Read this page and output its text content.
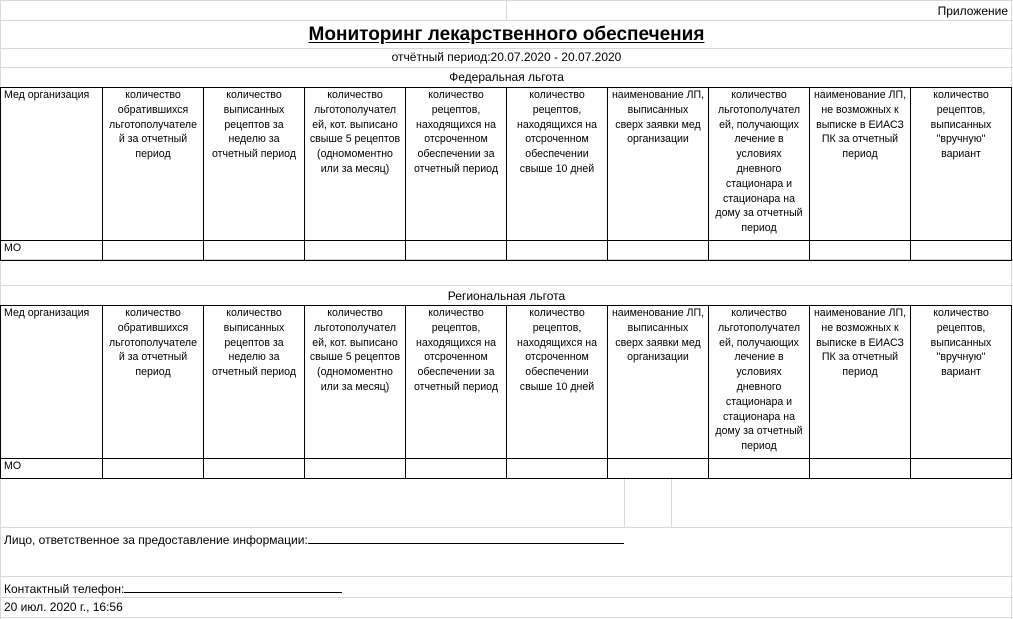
Приложение
Мониторинг лекарственного обеспечения
отчётный период:20.07.2020 - 20.07.2020
Федеральная льгота
Мед организация	количество
обратившихся
льготополучателе
й за отчетный
период
количество
выписанных
рецептов за
неделю за
отчетный период
количество
льготополучател
ей, кот. выписано
свыше 5 рецептов
(одномоментно
или за месяц)
количество
рецептов,
находящихся на
отсроченном
обеспечении за
отчетный период
количество
рецептов,
находящихся на
отсроченном
обеспечении
свыше 10 дней
наименование ЛП,
выписанных
сверх заявки мед
организации
количество
льготополучател
ей, получающих
лечение в
условиях
дневного
стационара и
стационара на
дому за отчетный
период
наименование ЛП,
не возможных к
выписке в ЕИАСЗ
ПК за отчетный
период
количество
рецептов,
выписанных
"вручную"
вариант
МО
Региональная льгота
Мед организация	количество
обратившихся
льготополучателе
й за отчетный
период
количество
выписанных
рецептов за
неделю за
отчетный период
количество
льготополучател
ей, кот. выписано
свыше 5 рецептов
(одномоментно
или за месяц)
количество
рецептов,
находящихся на
отсроченном
обеспечении за
отчетный период
количество
рецептов,
находящихся на
отсроченном
обеспечении
свыше 10 дней
наименование ЛП,
выписанных
сверх заявки мед
организации
количество
льготополучател
ей, получающих
лечение в
условиях
дневного
стационара и
стационара на
дому за отчетный
период
наименование ЛП,
не возможных к
выписке в ЕИАСЗ
ПК за отчетный
период
количество
рецептов,
выписанных
"вручную"
вариант
МО
Лицо, ответственное за предоставление информации:
Контактный телефон:
20 июл. 2020 г., 16:56
